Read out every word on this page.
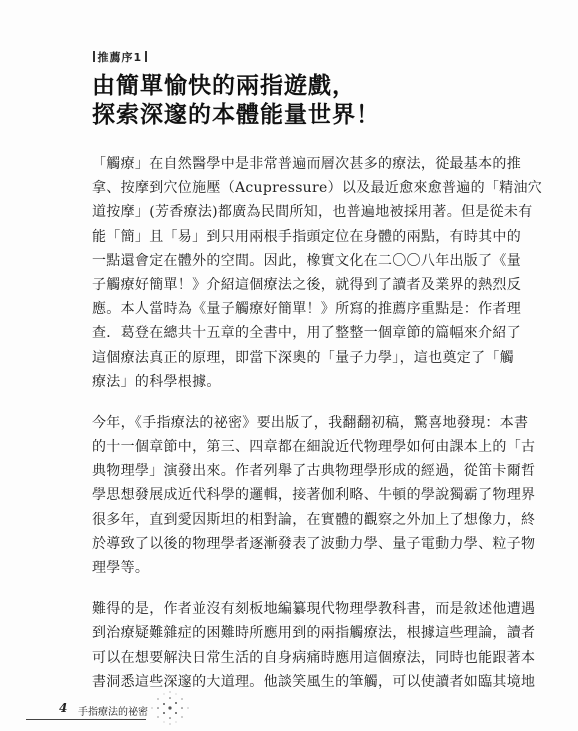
推薦序1
由簡單愉快的兩指遊戲，
探索深邃的本體能量世界！
「觸療」在自然醫學中是非常普遍而層次甚多的療法，從最基本的推
拿、按摩到穴位施壓（Acupressure）以及最近愈來愈普遍的「精油穴
道按摩」(芳香療法)都廣為民間所知，也普遍地被採用著。但是從未有
能「簡」且「易」到只用兩根手指頭定位在身體的兩點，有時其中的
一點還會定在體外的空間。因此，橡實文化在二〇〇八年出版了《量
子觸療好簡單！》介紹這個療法之後，就得到了讀者及業界的熱烈反
應。本人當時為《量子觸療好簡單！》所寫的推薦序重點是：作者理
查．葛登在總共十五章的全書中，用了整整一個章節的篇幅來介紹了
這個療法真正的原理，即當下深奧的「量子力學」，這也奠定了「觸
療法」的科學根據。
今年，《手指療法的祕密》要出版了，我翻翻初稿，驚喜地發現：本書
的十一個章節中，第三、四章都在細說近代物理學如何由課本上的「古
典物理學」演發出來。作者列舉了古典物理學形成的經過，從笛卡爾哲
學思想發展成近代科學的邏輯，接著伽利略、牛頓的學說獨霸了物理界
很多年，直到愛因斯坦的相對論，在實體的觀察之外加上了想像力，終
於導致了以後的物理學者逐漸發表了波動力學、量子電動力學、粒子物
理學等。
難得的是，作者並沒有刻板地編纂現代物理學教科書，而是敘述他遭遇
到治療疑難雜症的困難時所應用到的兩指觸療法，根據這些理論，讀者
可以在想要解決日常生活的自身病痛時應用這個療法，同時也能跟著本
書洞悉這些深邃的大道理。他談笑風生的筆觸，可以使讀者如臨其境地
4 手指療法的祕密
